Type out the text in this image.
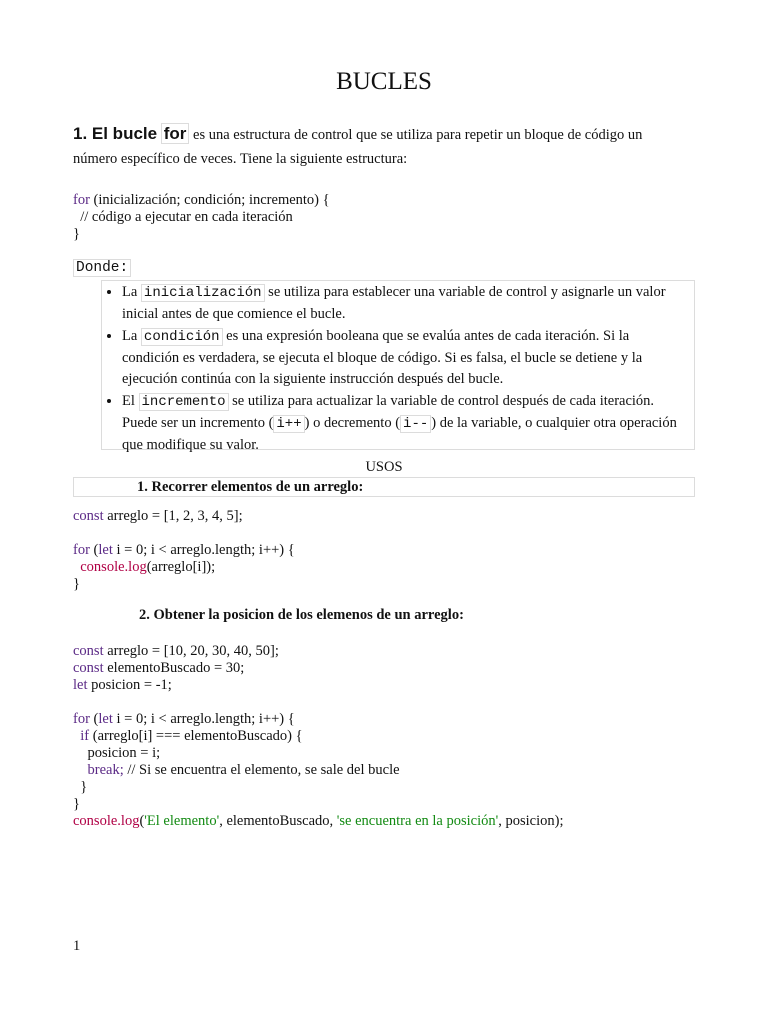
BUCLES
1. El bucle for es una estructura de control que se utiliza para repetir un bloque de código un
número específico de veces. Tiene la siguiente estructura:
for (inicialización; condición; incremento) {
// código a ejecutar en cada iteración
}
Donde:
• La inicialización se utiliza para establecer una variable de control y asignarle un valor inicial antes de que comience el bucle.
• La condición es una expresión booleana que se evalúa antes de cada iteración. Si la condición es verdadera, se ejecuta el bloque de código. Si es falsa, el bucle se detiene y la ejecución continúa con la siguiente instrucción después del bucle.
• El incremento se utiliza para actualizar la variable de control después de cada iteración. Puede ser un incremento ( i++ ) o decremento ( i-- ) de la variable, o cualquier otra operación que modifique su valor.
USOS
1. Recorrer elementos de un arreglo:
const arreglo = [1, 2, 3, 4, 5];

for (let i = 0; i < arreglo.length; i++) {
console.log(arreglo[i]);
}
2. Obtener la posicion de los elemenos de un arreglo:
const arreglo = [10, 20, 30, 40, 50];
const elementoBuscado = 30;
let posicion = -1;

for (let i = 0; i < arreglo.length; i++) {
if (arreglo[i] === elementoBuscado) {
posicion = i;
break; // Si se encuentra el elemento, se sale del bucle
}
}
console.log('El elemento', elementoBuscado, 'se encuentra en la posición', posicion);
1
